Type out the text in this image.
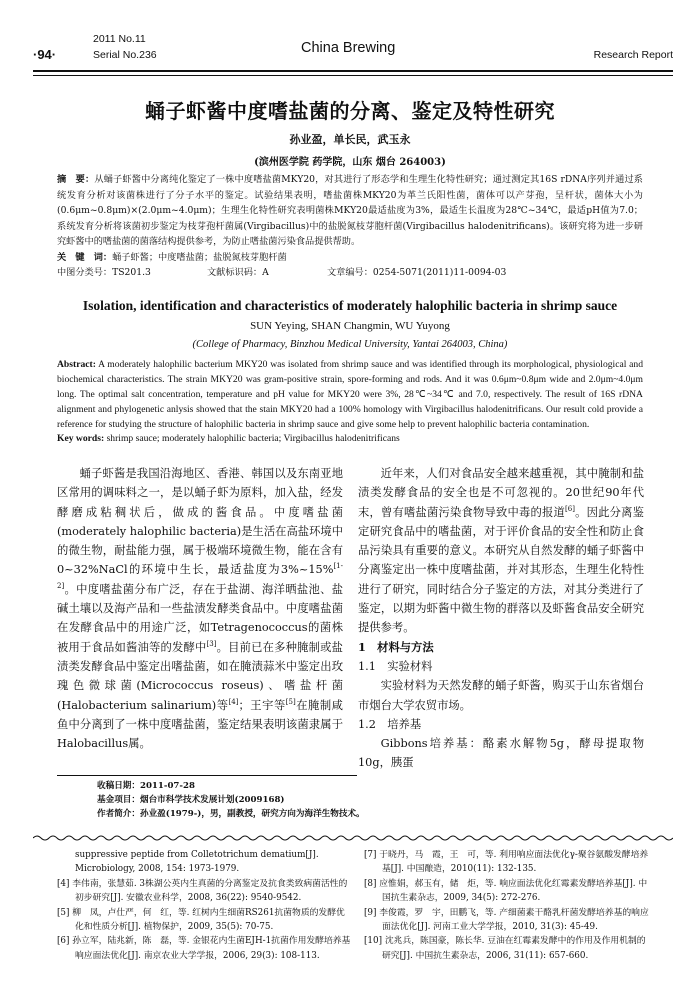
·94·
2011 No.11
Serial No.236	China Brewing	Research Report
蛹子虾酱中度嗜盐菌的分离、鉴定及特性研究
孙业盈，单长民，武玉永
(滨州医学院 药学院，山东 烟台 264003)
摘　要：从蛹子虾酱中分离纯化鉴定了一株中度嗜盐菌MKY20，对其进行了形态学和生理生化特性研究；通过测定其16S rDNA序列并通过系统发育分析对该菌株进行了分子水平的鉴定。试验结果表明，嗜盐菌株MKY20为革兰氏阳性菌，菌体可以产芽孢，呈杆状，菌体大小为(0.6μm~0.8μm)×(2.0μm~4.0μm)；生理生化特性研究表明菌株MKY20最适盐度为3%，最适生长温度为28℃~34℃，最适pH值为7.0；系统发育分析将该菌初步鉴定为枝芽孢杆菌属(Virgibacillus)中的盐脱氮枝芽胞杆菌(Virgibacillus halodenitrificans)。该研究将为进一步研究虾酱中的嗜盐菌的菌落结构提供参考，为防止嗜盐菌污染食品提供帮助。
关　键　词：蛹子虾酱；中度嗜盐菌；盐脱氮枝芽胞杆菌
中图分类号：TS201.3	文献标识码：A	文章编号：0254-5071(2011)11-0094-03
Isolation, identification and characteristics of moderately halophilic bacteria in shrimp sauce
SUN Yeying, SHAN Changmin, WU Yuyong
(College of Pharmacy, Binzhou Medical University, Yantai 264003, China)
Abstract: A moderately halophilic bacterium MKY20 was isolated from shrimp sauce and was identified through its morphological, physiological and biochemical characteristics. The strain MKY20 was gram-positive strain, spore-forming and rods. And it was 0.6μm~0.8μm wide and 2.0μm~4.0μm long. The optimal salt concentration, temperature and pH value for MKY20 were 3%, 28℃~34℃ and 7.0, respectively. The result of 16S rDNA alignment and phylogenetic anlysis showed that the stain MKY20 had a 100% homology with Virgibacillus halodenitrificans. Our result cold provide a reference for studying the structure of halophilic bacteria in shrimp sauce and give some help to prevent halophilic bacteria contamination.
Key words: shrimp sauce; moderately halophilic bacteria; Virgibacillus halodenitrificans

蛹子虾酱是我国沿海地区、香港、韩国以及东南亚地区常用的调味料之一，是以蛹子虾为原料，加入盐，经发酵磨成粘稠状后，做成的酱食品。中度嗜盐菌(moderately halophilic bacteria)是生活在高盐环境中的微生物，耐盐能力强，属于极端环境微生物，能在含有0~32%NaCl的环境中生长，最适盐度为3%~15%[1-2]。中度嗜盐菌分布广泛，存在于盐湖、海洋晒盐池、盐碱土壤以及海产品和一些盐渍发酵类食品中。中度嗜盐菌在发酵食品中的用途广泛，如Tetragenococcus的菌株被用于食品如酱油等的发酵中[3]。目前已在多种腌制或盐渍类发酵食品中鉴定出嗜盐菌，如在腌渍蒜米中鉴定出玫瑰色微球菌(Micrococcus roseus)、嗜盐杆菌(Halobacterium salinarium)等[4]；王宇等[5]在腌制咸鱼中分离到了一株中度嗜盐菌，鉴定结果表明该菌隶属于Halobacillus属。

近年来，人们对食品安全越来越重视，其中腌制和盐渍类发酵食品的安全也是不可忽视的。20世纪90年代末，曾有嗜盐菌污染食物导致中毒的报道[6]。因此分离鉴定研究食品中的嗜盐菌，对于评价食品的安全性和防止食品污染具有重要的意义。本研究从自然发酵的蛹子虾酱中分离鉴定出一株中度嗜盐菌，并对其形态，生理生化特性进行了研究，同时结合分子鉴定的方法，对其分类进行了鉴定，以期为虾酱中微生物的群落以及虾酱食品安全研究提供参考。

1　材料与方法
1.1　实验材料

实验材料为天然发酵的蛹子虾酱，购买于山东省烟台市烟台大学农贸市场。

1.2　培养基

Gibbons培养基：酪素水解物5g，酵母提取物10g，胰蛋

收稿日期：2011-07-28
基金项目：烟台市科学技术发展计划(2009168)
作者简介：孙业盈(1979-)，男，副教授，研究方向为海洋生物技术。
suppressive peptide from Colletotrichum dematium[J]. Microbiology, 2008, 154: 1973-1979.
[4] 李伟南，张慧茹. 3株湖公英内生真菌的分离鉴定及抗食类致病菌活性的初步研究[J]. 安徽农业科学，2008, 36(22): 9540-9542.
[5] 柳　凤，卢仕严，何　红，等. 红树内生细菌RS261抗菌物质的发酵优化和性质分析[J]. 植物保护，2009, 35(5): 70-75.
[6] 孙立军，陆兆新，陈　磊，等. 金银花内生菌EJH-1抗菌作用发酵培养基响应面法优化[J]. 南京农业大学学报，2006, 29(3): 108-113.
[7] 于晓丹，马　霞，王　可，等. 利用响应面法优化γ-聚谷氨酸发酵培养基[J]. 中国酿造，2010(11): 132-135.
[8] 应惟娟，郝玉有，储　炬，等. 响应面法优化红霉素发酵培养基[J]. 中国抗生素杂志，2009, 34(5): 272-276.
[9] 李俊霞，罗　宇，田鹏飞，等. 产细菌素干酪乳杆菌发酵培养基的响应面法优化[J]. 河南工业大学学报，2010, 31(3): 45-49.
[10] 沈兆兵，陈国豪，陈长华. 豆油在红霉素发酵中的作用及作用机制的研究[J]. 中国抗生素杂志，2006, 31(11): 657-660.
